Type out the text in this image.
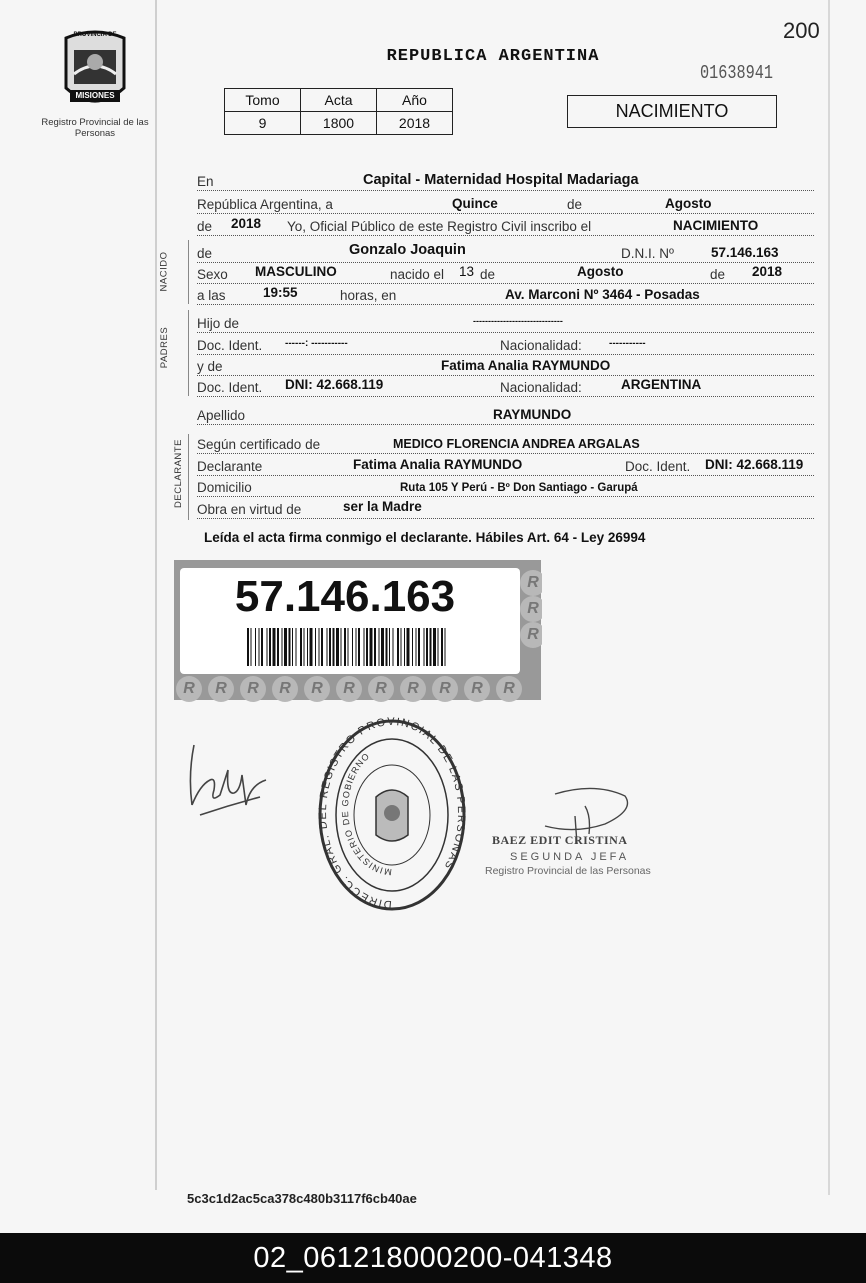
PROVINCIA DE
MISIONES
Registro Provincial de las Personas
200
REPUBLICA ARGENTINA
01638941
Tomo	Acta	Año
9	1800	2018
NACIMIENTO
En	Capital - Maternidad Hospital Madariaga
República Argentina, a	Quince	de	Agosto
de 2018 Yo, Oficial Público de este Registro Civil inscribo el	NACIMIENTO
NACIDO de	Gonzalo Joaquin	D.N.I. Nº	57.146.163
Sexo MASCULINO	nacido el 13 de	Agosto	de 2018
a las	19:55	horas, en	Av. Marconi Nº 3464 - Posadas
PADRES
Hijo de	------------------------------
Doc. Ident. ------: -----------	Nacionalidad:	-----------
y de	Fatima Analia RAYMUNDO
Doc. Ident. DNI: 42.668.119	Nacionalidad:	ARGENTINA
Apellido	RAYMUNDO
DECLARANTE Según certificado de	MEDICO FLORENCIA ANDREA ARGALAS
Declarante	Fatima Analia RAYMUNDO	Doc. Ident. DNI: 42.668.119
Domicilio	Ruta 105 Y Perú - Bº Don Santiago - Garupá
Obra en virtud de	ser la Madre
Leída el acta firma conmigo el declarante. Hábiles Art. 64 - Ley 26994
R R R R R R R R R R R
RRR
57.146.163
DIRECC. GRAL. DEL REGISTRO PROVINCIAL DE LAS PERSONAS
MINISTERIO DE GOBIERNO
BAEZ EDIT CRISTINA
SEGUNDA JEFA
Registro Provincial de las Personas
5c3c1d2ac5ca378c480b3117f6cb40ae
02_061218000200-041348
